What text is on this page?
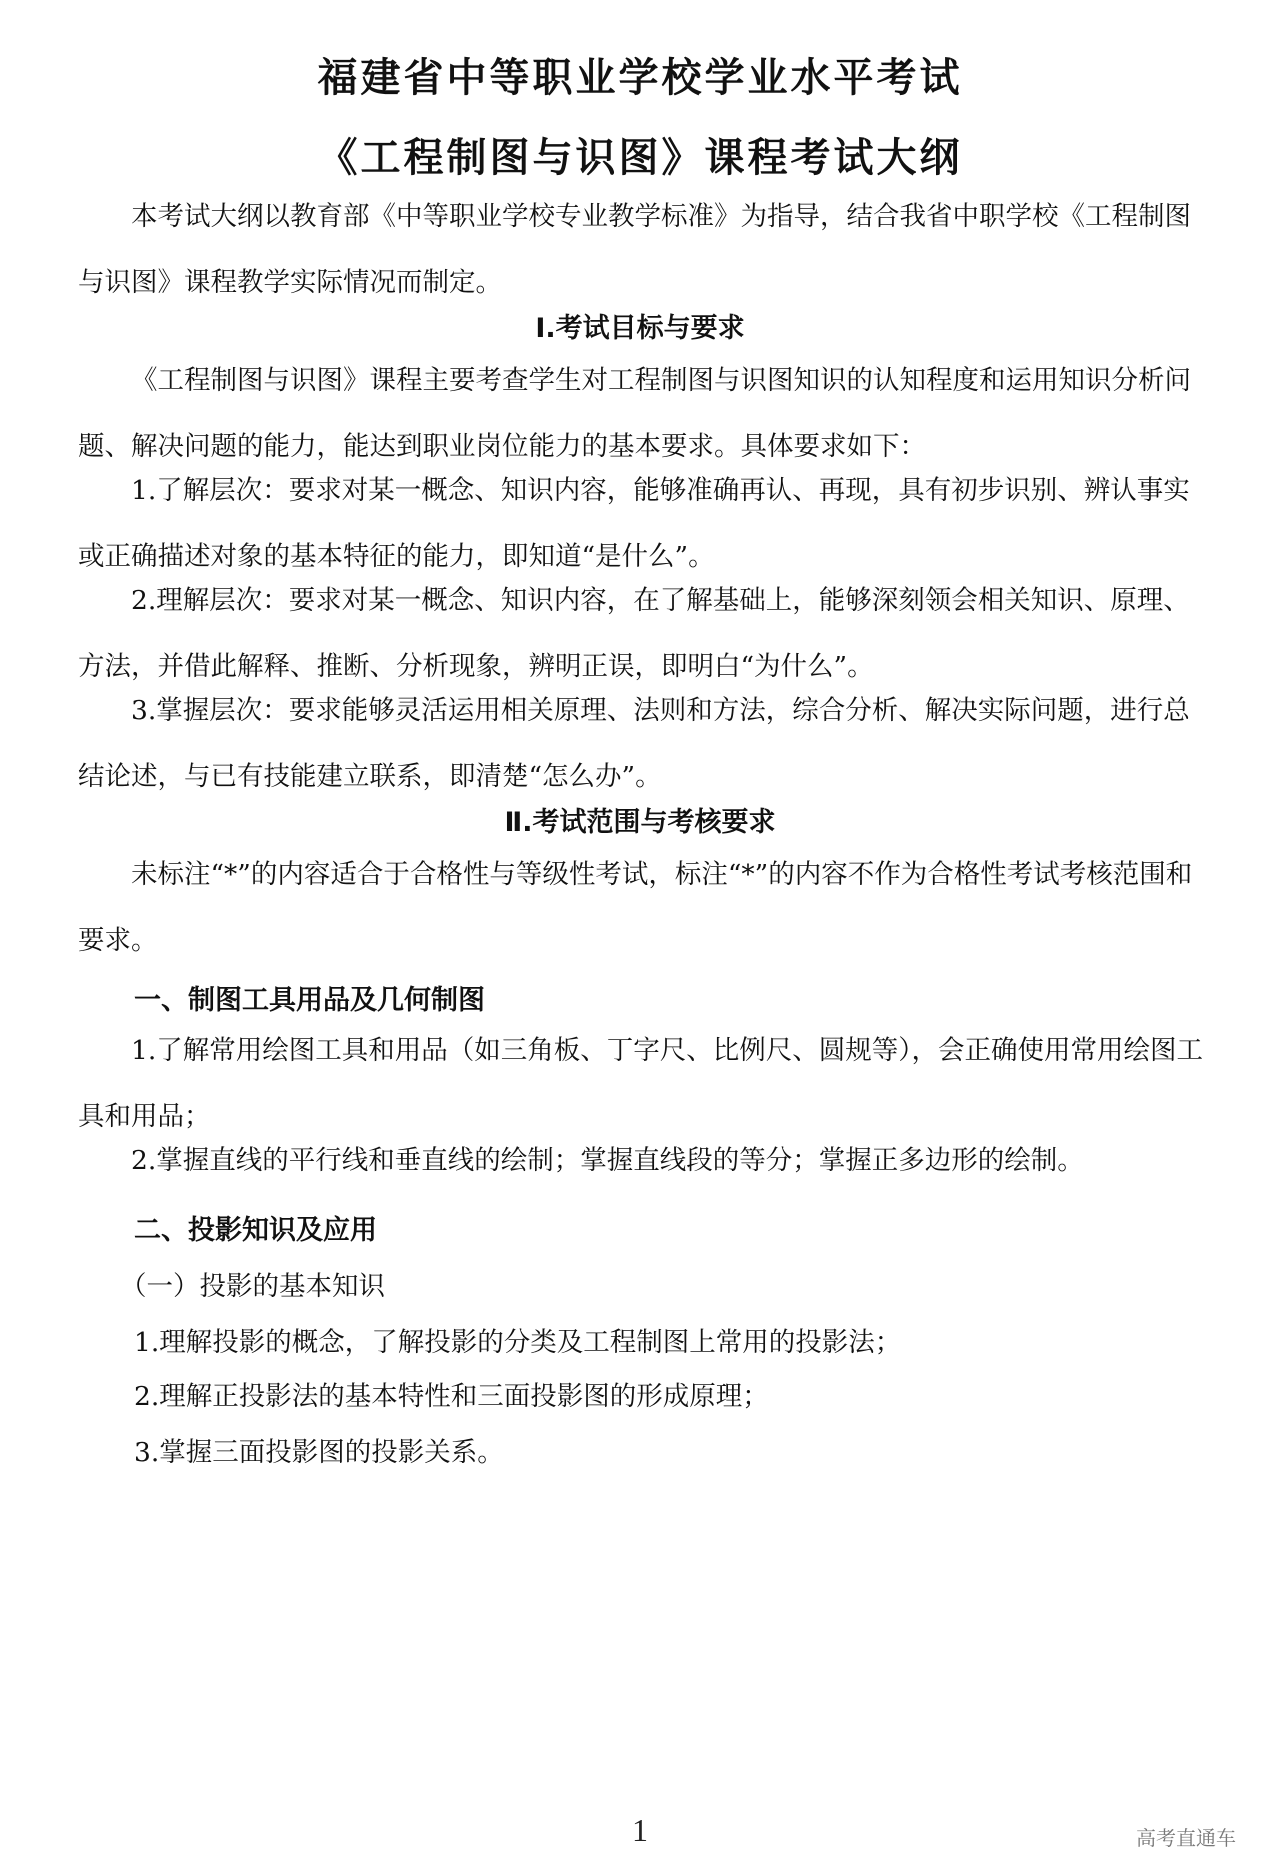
福建省中等职业学校学业水平考试
《工程制图与识图》课程考试大纲

本考试大纲以教育部《中等职业学校专业教学标准》为指导，结合我省中职学校《工程制图与识图》课程教学实际情况而制定。

Ⅰ.考试目标与要求

《工程制图与识图》课程主要考查学生对工程制图与识图知识的认知程度和运用知识分析问题、解决问题的能力，能达到职业岗位能力的基本要求。具体要求如下：

1.了解层次：要求对某一概念、知识内容，能够准确再认、再现，具有初步识别、辨认事实或正确描述对象的基本特征的能力，即知道“是什么”。

2.理解层次：要求对某一概念、知识内容，在了解基础上，能够深刻领会相关知识、原理、方法，并借此解释、推断、分析现象，辨明正误，即明白“为什么”。

3.掌握层次：要求能够灵活运用相关原理、法则和方法，综合分析、解决实际问题，进行总结论述，与已有技能建立联系，即清楚“怎么办”。

Ⅱ.考试范围与考核要求

未标注“*”的内容适合于合格性与等级性考试，标注“*”的内容不作为合格性考试考核范围和要求。

一、制图工具用品及几何制图

1.了解常用绘图工具和用品（如三角板、丁字尺、比例尺、圆规等），会正确使用常用绘图工具和用品；

2.掌握直线的平行线和垂直线的绘制；掌握直线段的等分；掌握正多边形的绘制。

二、投影知识及应用
（一）投影的基本知识
1.理解投影的概念，了解投影的分类及工程制图上常用的投影法；
2.理解正投影法的基本特性和三面投影图的形成原理；
3.掌握三面投影图的投影关系。
1	高考直通车
